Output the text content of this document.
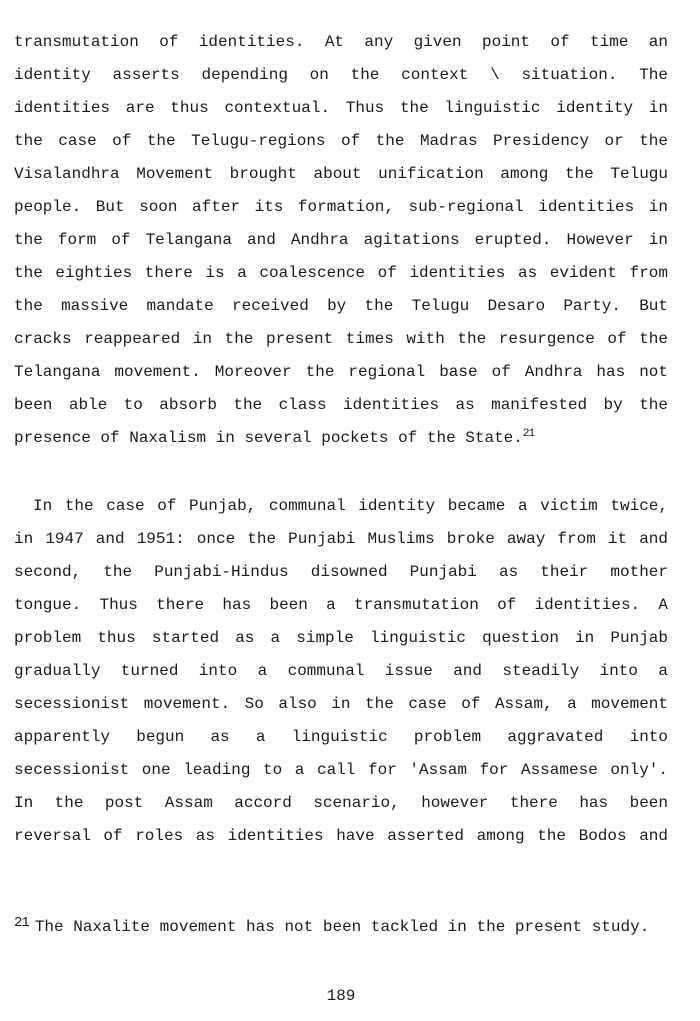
transmutation of identities. At any given point of time an
identity asserts depending on the context \ situation. The
identities are thus contextual. Thus the linguistic identity in
the case of the Telugu-regions of the Madras Presidency or the
Visalandhra Movement brought about unification among the Telugu
people. But soon after its formation, sub-regional identities in
the form of Telangana and Andhra agitations erupted. However in
the eighties there is a coalescence of identities as evident from
the massive mandate received by the Telugu Desaro Party. But
cracks reappeared in the present times with the resurgence of the
Telangana movement. Moreover the regional base of Andhra has not
been able to absorb the class identities as manifested by the
presence of Naxalism in several pockets of the State.$^{21}$
In the case of Punjab, communal identity became a victim twice,
in 1947 and 1951: once the Punjabi Muslims broke away from it and
second, the Punjabi-Hindus disowned Punjabi as their mother
tongue. Thus there has been a transmutation of identities. A
problem thus started as a simple linguistic question in Punjab
gradually turned into a communal issue and steadily into a
secessionist movement. So also in the case of Assam, a movement
apparently begun as a linguistic problem aggravated into
secessionist one leading to a call for 'Assam for Assamese only'.
In the post Assam accord scenario, however there has been
reversal of roles as identities have asserted among the Bodos and
$^{21}$ The Naxalite movement has not been tackled in the present study.
189
